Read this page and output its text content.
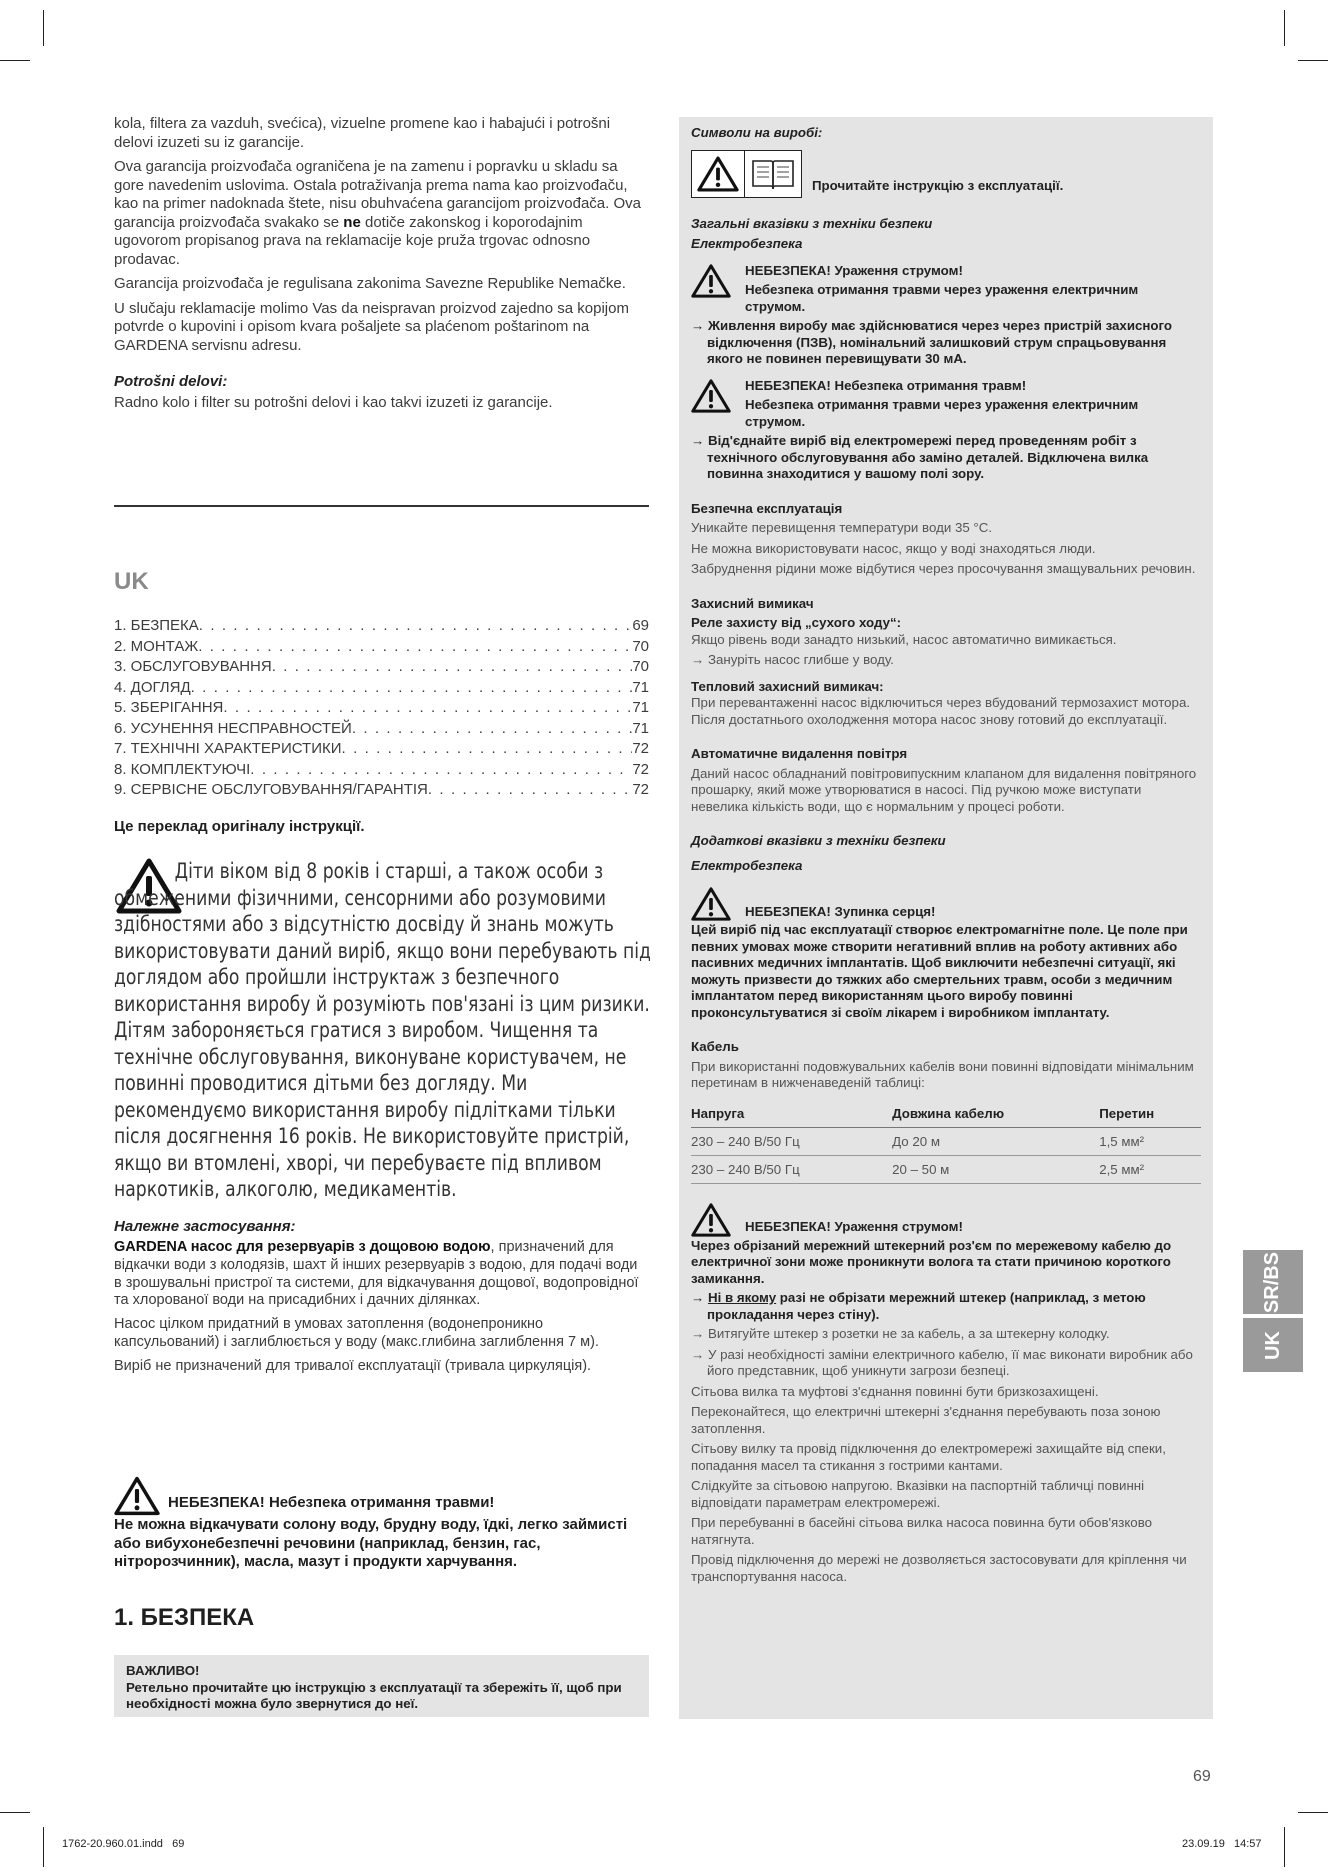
kola, filtera za vazduh, svećica), vizuelne promene kao i habajući i potrošni delovi izuzeti su iz garancije.

Ova garancija proizvođača ograničena je na zamenu i popravku u skladu sa gore navedenim uslovima. Ostala potraživanja prema nama kao proizvođaču, kao na primer nadoknada štete, nisu obuhvaćena garancijom proizvođača. Ova garancija proizvođača svakako se ne dotiče zakonskog i koporodajnim ugovorom propisanog prava na reklamacije koje pruža trgovac odnosno prodavac.

Garancija proizvođača je regulisana zakonima Savezne Republike Nemačke.

U slučaju reklamacije molimo Vas da neispravan proizvod zajedno sa kopijom potvrde o kupovini i opisom kvara pošaljete sa plaćenom poštarinom na GARDENA servisnu adresu.

Potrošni delovi:

Radno kolo i filter su potrošni delovi i kao takvi izuzeti iz garancije.

UK
1. БЕЗПЕКА . . .	69
2. МОНТАЖ . . .	70
3. ОБСЛУГОВУВАННЯ . . .	70
4. ДОГЛЯД . . .	71
5. ЗБЕРІГАННЯ . . .	71
6. УСУНЕННЯ НЕСПРАВНОСТЕЙ . . .	71
7. ТЕХНІЧНІ ХАРАКТЕРИСТИКИ . . .	72
8. КОМПЛЕКТУЮЧІ . . .	72
9. СЕРВІСНЕ ОБСЛУГОВУВАННЯ/ГАРАНТІЯ . . .	72
Це переклад оригіналу інструкції.
Діти віком від 8 років і старші, а також особи з обмеженими фізичними, сенсорними або розумовими здібностями або з відсутністю досвіду й знань можуть використовувати даний виріб, якщо вони перебувають під доглядом або пройшли інструктаж з безпечного використання виробу й розуміють пов'язані із цим ризики. Дітям забороняється гратися з виробом. Чищення та технічне обслуговування, виконуване користувачем, не повинні проводитися дітьми без догляду. Ми рекомендуємо використання виробу підлітками тільки після досягнення 16 років. Не використовуйте пристрій, якщо ви втомлені, хворі, чи перебуваєте під впливом наркотиків, алкоголю, медикаментів.

Належне застосування:

GARDENA насос для резервуарів з дощовою водою, призначений для відкачки води з колодязів, шахт й інших резервуарів з водою, для подачі води в зрошувальні пристрої та системи, для відкачування дощової, водопровідної та хлорованої води на присадибних і дачних ділянках.

Насос цілком придатний в умовах затоплення (водонепроникно капсульований) і заглиблюється у воду (макс.глибина заглиблення 7 м).

Виріб не призначений для тривалої експлуатації (тривала циркуляція).

НЕБЕЗПЕКА! Небезпека отримання травми!
Не можна відкачувати солону воду, брудну воду, їдкі, легко займисті або вибухонебезпечні речовини (наприклад, бензин, гас, нітророзчинник), масла, мазут і продукти харчування.
1. БЕЗПЕКА
ВАЖЛИВО!
Ретельно прочитайте цю інструкцію з експлуатації та збережіть її, щоб при необхідності можна було звернутися до неї.

Символи на виробі:

Прочитайте інструкцію з експлуатації.

Загальні вказівки з техніки безпеки

Електробезпека

НЕБЕЗПЕКА! Ураження струмом!

Небезпека отримання травми через ураження електричним струмом.

→ Живлення виробу має здійснюватися через через пристрій захисного відключення (ПЗВ), номінальний залишковий струм спрацьовування якого не повинен перевищувати 30 мА.

НЕБЕЗПЕКА! Небезпека отримання травм!

Небезпека отримання травми через ураження електричним струмом.

→ Від'єднайте виріб від електромережі перед проведенням робіт з технічного обслуговування або заміно деталей. Відключена вилка повинна знаходитися у вашому полі зору.

Безпечна експлуатація

Уникайте перевищення температури води 35 °C.

Не можна використовувати насос, якщо у воді знаходяться люди.

Забруднення рідини може відбутися через просочування змащувальних речовин.

Захисний вимикач

Реле захисту від „сухого ходу“:

Якщо рівень води занадто низький, насос автоматично вимикається.

→ Зануріть насос глибше у воду.

Тепловий захисний вимикач:

При перевантаженні насос відключиться через вбудований термозахист мотора. Після достатнього охолодження мотора насос знову готовий до експлуатації.

Автоматичне видалення повітря

Даний насос обладнаний повітровипускним клапаном для видалення повітряного прошарку, який може утворюватися в насосі. Під ручкою може виступати невелика кількість води, що є нормальним у процесі роботи.

Додаткові вказівки з техніки безпеки

Електробезпека

НЕБЕЗПЕКА! Зупинка серця!

Цей виріб під час експлуатації створює електромагнітне поле. Це поле при певних умовах може створити негативний вплив на роботу активних або пасивних медичних імплантатів. Щоб виключити небезпечні ситуації, які можуть призвести до тяжких або смертельних травм, особи з медичним імплантатом перед використанням цього виробу повинні проконсультуватися зі своїм лікарем і виробником імплантату.

Кабель

При використанні подовжувальних кабелів вони повинні відповідати мінімальним перетинам в нижченаведеній таблиці:

Напруга	Довжина кабелю	Перетин
230 – 240 В/50 Гц	До 20 м	1,5 мм²
230 – 240 В/50 Гц	20 – 50 м	2,5 мм²

НЕБЕЗПЕКА! Ураження струмом!

Через обрізаний мережний штекерний роз'єм по мережевому кабелю до електричної зони може проникнути волога та стати причиною короткого замикання.

→ Ні в якому разі не обрізати мережний штекер (наприклад, з метою прокладання через стіну).

→ Витягуйте штекер з розетки не за кабель, а за штекерну колодку.

→ У разі необхідності заміни електричного кабелю, її має виконати виробник або його представник, щоб уникнути загрози безпеці.

Сітьова вилка та муфтові з'єднання повинні бути бризкозахищені.

Переконайтеся, що електричні штекерні з'єднання перебувають поза зоною затоплення.

Сітьову вилку та провід підключення до електромережі захищайте від спеки, попадання масел та стикання з гострими кантами.

Слідкуйте за сітьовою напругою. Вказівки на паспортній табличці повинні відповідати параметрам електромережі.

При перебуванні в басейні сітьова вилка насоса повинна бути обов'язково натягнута.

Провід підключення до мережі не дозволяється застосовувати для кріплення чи транспортування насоса.

SR/BS
UK
69
1762-20.960.01.indd   69	23.09.19   14:57
